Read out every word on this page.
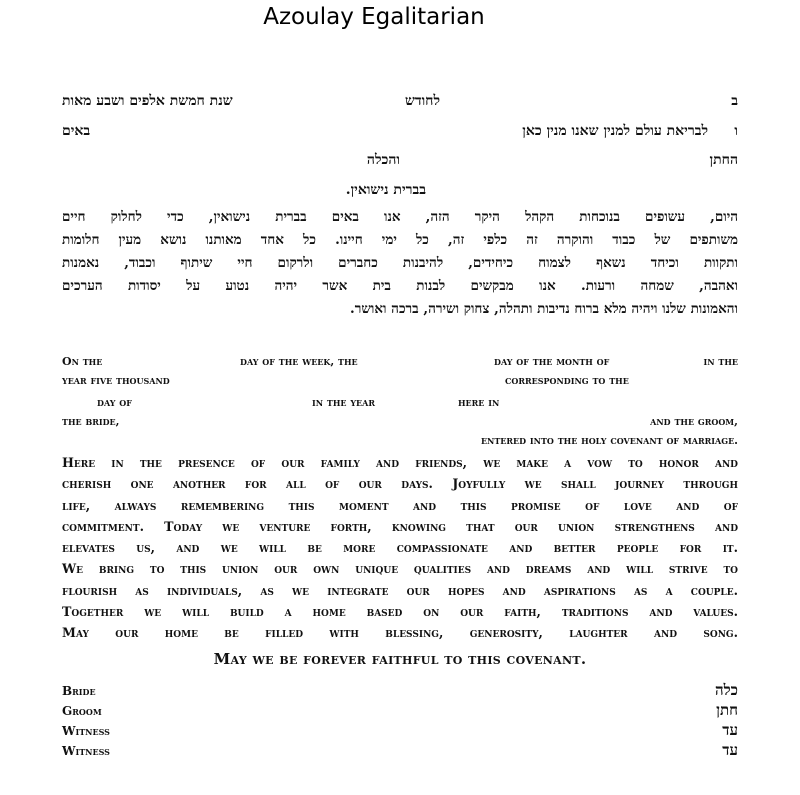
Azoulay Egalitarian
ב
לחודש
שנת חמשת אלפים ושבע מאות
ו
לבריאת עולם למנין שאנו מנין כאן
באים
החתן
והכלה
בברית נישואין.
היום, עשופים בנוכחות הקהל היקר הזה, אנו באים בברית נישואין, כדי לחלוק חיים
משותפים של כבוד והוקרה זה כלפי זה, כל ימי חיינו. כל אחד מאותנו נושא מעין חלומות
ותקוות וכיחד נשאף לצמוח כיחידים, להיבנות כחברים ולרקום חיי שיתוף וכבוד, נאמנות
ואהבה, שמחה ורעות. אנו מבקשים לבנות בית אשר יהיה נטוע על יסודות הערכים
והאמונות שלנו ויהיה מלא ברוח נדיבות ותהלה, צחוק ושירה, ברכה ואושר.
On the	day of the week, the	day of the month of	in the
year five thousand	corresponding to the
day of	in the year	here in
the bride,	and the groom,
entered into the holy covenant of marriage.
Here in the presence of our family and friends, we make a vow to honor and
cherish one another for all of our days. Joyfully we shall journey through
life, always remembering this moment and this promise of love and of
commitment. Today we venture forth, knowing that our union strengthens and
elevates us, and we will be more compassionate and better people for it.
We bring to this union our own unique qualities and dreams and will strive to
flourish as individuals, as we integrate our hopes and aspirations as a couple.
Together we will build a home based on our faith, traditions and values.
May our home be filled with blessing, generosity, laughter and song.
May we be forever faithful to this covenant.
Bride	כלה
Groom	חתן
Witness	עד
Witness	עד
